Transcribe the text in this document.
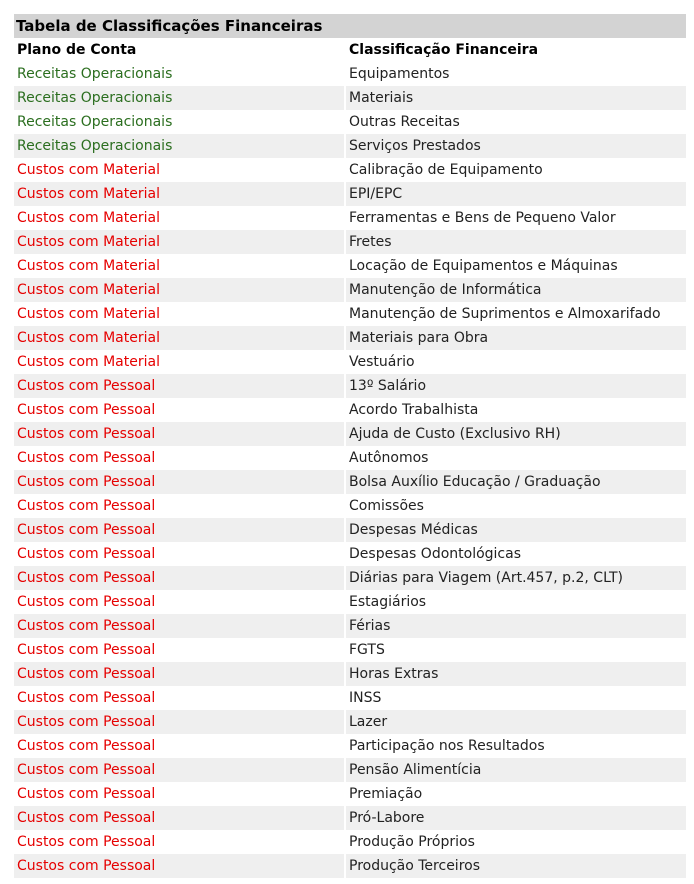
Tabela de Classificações Financeiras
Plano de Conta	Classificação Financeira
Receitas Operacionais	Equipamentos
Receitas Operacionais	Materiais
Receitas Operacionais	Outras Receitas
Receitas Operacionais	Serviços Prestados
Custos com Material	Calibração de Equipamento
Custos com Material	EPI/EPC
Custos com Material	Ferramentas e Bens de Pequeno Valor
Custos com Material	Fretes
Custos com Material	Locação de Equipamentos e Máquinas
Custos com Material	Manutenção de Informática
Custos com Material	Manutenção de Suprimentos e Almoxarifado
Custos com Material	Materiais para Obra
Custos com Material	Vestuário
Custos com Pessoal	13º Salário
Custos com Pessoal	Acordo Trabalhista
Custos com Pessoal	Ajuda de Custo (Exclusivo RH)
Custos com Pessoal	Autônomos
Custos com Pessoal	Bolsa Auxílio Educação / Graduação
Custos com Pessoal	Comissões
Custos com Pessoal	Despesas Médicas
Custos com Pessoal	Despesas Odontológicas
Custos com Pessoal	Diárias para Viagem (Art.457, p.2, CLT)
Custos com Pessoal	Estagiários
Custos com Pessoal	Férias
Custos com Pessoal	FGTS
Custos com Pessoal	Horas Extras
Custos com Pessoal	INSS
Custos com Pessoal	Lazer
Custos com Pessoal	Participação nos Resultados
Custos com Pessoal	Pensão Alimentícia
Custos com Pessoal	Premiação
Custos com Pessoal	Pró-Labore
Custos com Pessoal	Produção Próprios
Custos com Pessoal	Produção Terceiros
